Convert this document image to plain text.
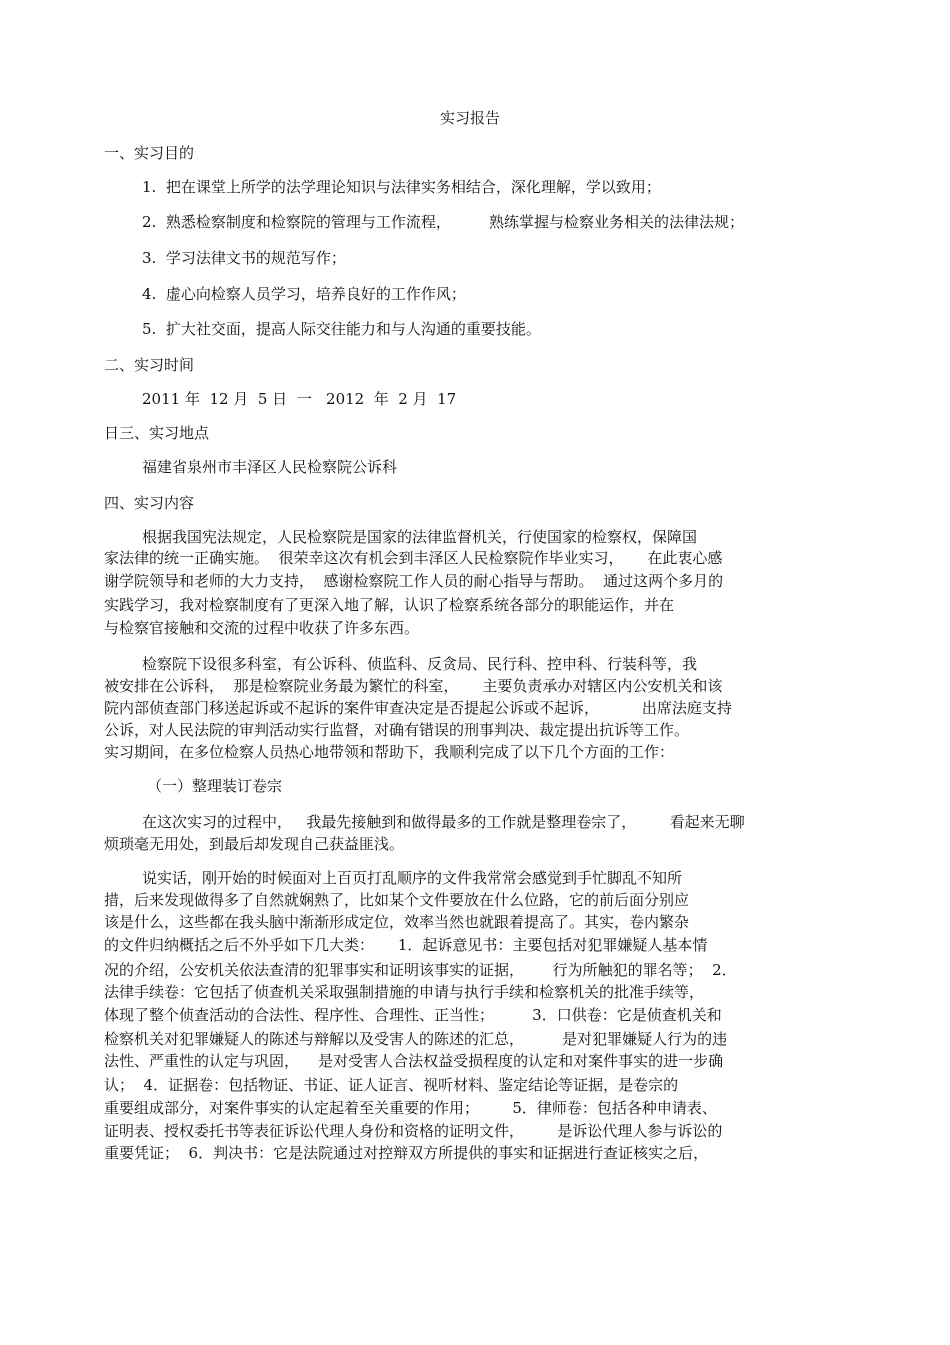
实习报告
一、实习目的
1.  把在课堂上所学的法学理论知识与法律实务相结合，深化理解，学以致用；
2.  熟悉检察制度和检察院的管理与工作流程，        熟练掌握与检察业务相关的法律法规；
3.  学习法律文书的规范写作；
4.  虚心向检察人员学习，培养良好的工作作风；
5.  扩大社交面，提高人际交往能力和与人沟通的重要技能。
二、实习时间
2011 年  12 月  5 日  一   2012  年  2 月  17
日三、实习地点
福建省泉州市丰泽区人民检察院公诉科
四、实习内容
根据我国宪法规定，人民检察院是国家的法律监督机关，行使国家的检察权，保障国
家法律的统一正确实施。  很荣幸这次有机会到丰泽区人民检察院作毕业实习，     在此衷心感
谢学院领导和老师的大力支持，  感谢检察院工作人员的耐心指导与帮助。  通过这两个多月的
实践学习，我对检察制度有了更深入地了解，认识了检察系统各部分的职能运作，并在
与检察官接触和交流的过程中收获了许多东西。
检察院下设很多科室，有公诉科、侦监科、反贪局、民行科、控申科、行装科等，我
被安排在公诉科，  那是检察院业务最为繁忙的科室，     主要负责承办对辖区内公安机关和该
院内部侦查部门移送起诉或不起诉的案件审查决定是否提起公诉或不起诉，         出席法庭支持
公诉，对人民法院的审判活动实行监督，对确有错误的刑事判决、裁定提出抗诉等工作。
实习期间，在多位检察人员热心地带领和帮助下，我顺利完成了以下几个方面的工作：
（一）整理装订卷宗
在这次实习的过程中，   我最先接触到和做得最多的工作就是整理卷宗了，       看起来无聊
烦琐毫无用处，到最后却发现自己获益匪浅。
说实话，刚开始的时候面对上百页打乱顺序的文件我常常会感觉到手忙脚乱不知所
措，后来发现做得多了自然就娴熟了，比如某个文件要放在什么位路，它的前后面分别应
该是什么，这些都在我头脑中渐渐形成定位，效率当然也就跟着提高了。其实，卷内繁杂
的文件归纳概括之后不外乎如下几大类：     1．起诉意见书：主要包括对犯罪嫌疑人基本情
况的介绍，公安机关依法查清的犯罪事实和证明该事实的证据，      行为所触犯的罪名等；  2．
法律手续卷：它包括了侦查机关采取强制措施的申请与执行手续和检察机关的批准手续等，
体现了整个侦查活动的合法性、程序性、合理性、正当性；        3．口供卷：它是侦查机关和
检察机关对犯罪嫌疑人的陈述与辩解以及受害人的陈述的汇总，        是对犯罪嫌疑人行为的违
法性、严重性的认定与巩固，    是对受害人合法权益受损程度的认定和对案件事实的进一步确
认；  4．证据卷：包括物证、书证、证人证言、视听材料、鉴定结论等证据，是卷宗的
重要组成部分，对案件事实的认定起着至关重要的作用；       5．律师卷：包括各种申请表、
证明表、授权委托书等表征诉讼代理人身份和资格的证明文件，       是诉讼代理人参与诉讼的
重要凭证；  6．判决书：它是法院通过对控辩双方所提供的事实和证据进行查证核实之后，
